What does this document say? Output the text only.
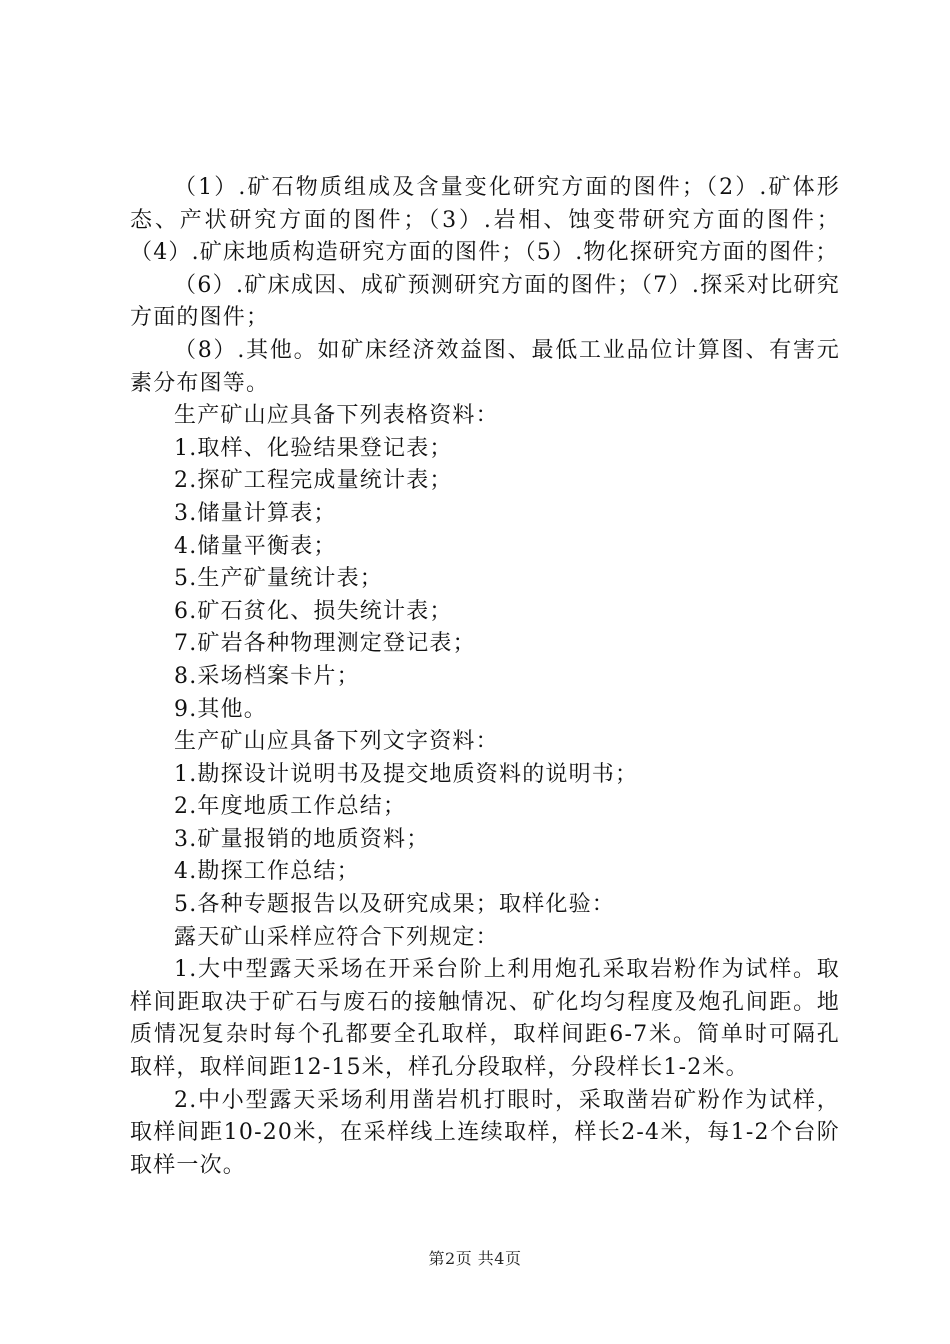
（1）.矿石物质组成及含量变化研究方面的图件；（2）.矿体形态、产状研究方面的图件；（3）.岩相、蚀变带研究方面的图件；（4）.矿床地质构造研究方面的图件；（5）.物化探研究方面的图件；

（6）.矿床成因、成矿预测研究方面的图件；（7）.探采对比研究方面的图件；

（8）.其他。如矿床经济效益图、最低工业品位计算图、有害元素分布图等。

生产矿山应具备下列表格资料：

1.取样、化验结果登记表；

2.探矿工程完成量统计表；

3.储量计算表；

4.储量平衡表；

5.生产矿量统计表；

6.矿石贫化、损失统计表；

7.矿岩各种物理测定登记表；

8.采场档案卡片；

9.其他。

生产矿山应具备下列文字资料：

1.勘探设计说明书及提交地质资料的说明书；

2.年度地质工作总结；

3.矿量报销的地质资料；

4.勘探工作总结；

5.各种专题报告以及研究成果；取样化验：

露天矿山采样应符合下列规定：

1.大中型露天采场在开采台阶上利用炮孔采取岩粉作为试样。取样间距取决于矿石与废石的接触情况、矿化均匀程度及炮孔间距。地质情况复杂时每个孔都要全孔取样，取样间距6-7米。简单时可隔孔取样，取样间距12-15米，样孔分段取样，分段样长1-2米。

2.中小型露天采场利用凿岩机打眼时，采取凿岩矿粉作为试样，取样间距10-20米，在采样线上连续取样，样长2-4米，每1-2个台阶取样一次。

第2页 共4页
